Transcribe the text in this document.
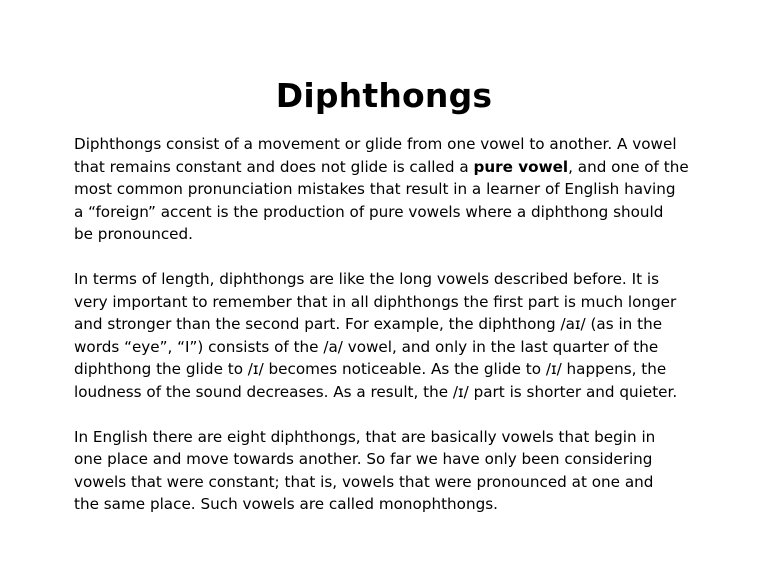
Diphthongs
Diphthongs consist of a movement or glide from one vowel to another. A vowel
that remains constant and does not glide is called a pure vowel, and one of the
most common pronunciation mistakes that result in a learner of English having
a “foreign” accent is the production of pure vowels where a diphthong should
be pronounced.
In terms of length, diphthongs are like the long vowels described before. It is
very important to remember that in all diphthongs the first part is much longer
and stronger than the second part. For example, the diphthong /aɪ/ (as in the
words “eye”, “I”) consists of the /a/ vowel, and only in the last quarter of the
diphthong the glide to /ɪ/ becomes noticeable. As the glide to /ɪ/ happens, the
loudness of the sound decreases. As a result, the /ɪ/ part is shorter and quieter.
In English there are eight diphthongs, that are basically vowels that begin in
one place and move towards another. So far we have only been considering
vowels that were constant; that is, vowels that were pronounced at one and
the same place. Such vowels are called monophthongs.
